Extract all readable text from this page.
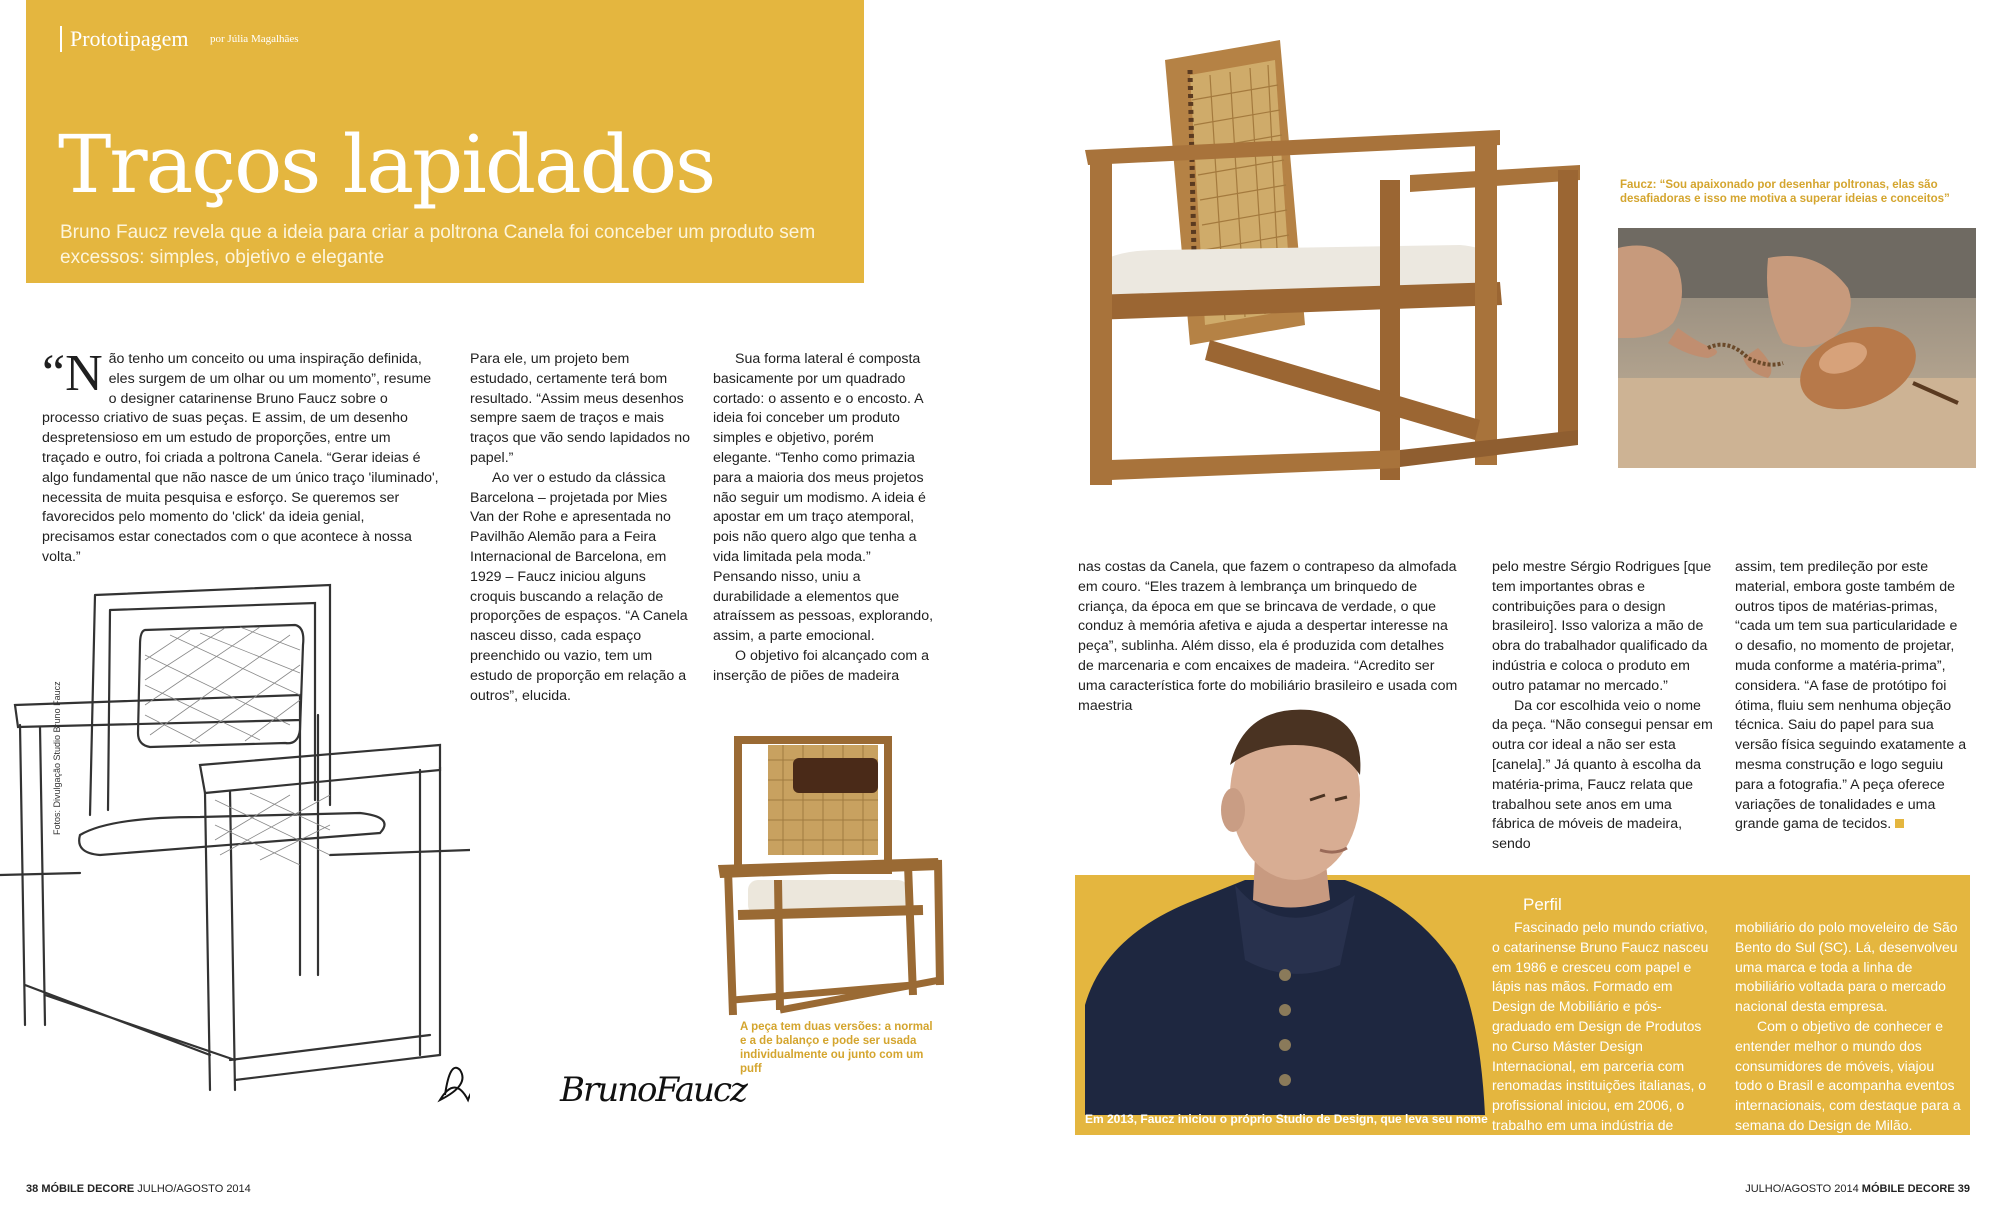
Prototipagem por Júlia Magalhães
Traços lapidados
Bruno Faucz revela que a ideia para criar a poltrona Canela foi conceber um produto sem excessos: simples, objetivo e elegante
“N ão tenho um conceito ou uma inspiração definida, eles surgem de um olhar ou um momento”, resume o designer catarinense Bruno Faucz sobre o processo criativo de suas peças. E assim, de um desenho despretensioso em um estudo de proporções, entre um traçado e outro, foi criada a poltrona Canela. “Gerar ideias é algo fundamental que não nasce de um único traço 'iluminado', necessita de muita pesquisa e esforço. Se queremos ser favorecidos pelo momento do 'click' da ideia genial, precisamos estar conectados com o que acontece à nossa volta.”

Para ele, um projeto bem estudado, certamente terá bom resultado. “Assim meus desenhos sempre saem de traços e mais traços que vão sendo lapidados no papel.”

Ao ver o estudo da clássica Barcelona – projetada por Mies Van der Rohe e apresentada no Pavilhão Alemão para a Feira Internacional de Barcelona, em 1929 – Faucz iniciou alguns croquis buscando a relação de proporções de espaços. “A Canela nasceu disso, cada espaço preenchido ou vazio, tem um estudo de proporção em relação a outros”, elucida.

Sua forma lateral é composta basicamente por um quadrado cortado: o assento e o encosto. A ideia foi conceber um produto simples e objetivo, porém elegante. “Tenho como primazia para a maioria dos meus projetos não seguir um modismo. A ideia é apostar em um traço atemporal, pois não quero algo que tenha a vida limitada pela moda.” Pensando nisso, uniu a durabilidade a elementos que atraíssem as pessoas, explorando, assim, a parte emocional.

O objetivo foi alcançado com a inserção de piões de madeira

Fotos: Divulgação Studio Bruno Faucz
BrunoFaucz
A peça tem duas versões: a normal e a de balanço e pode ser usada individualmente ou junto com um puff
Faucz: “Sou apaixonado por desenhar poltronas, elas são desafiadoras e isso me motiva a superar ideias e conceitos”

nas costas da Canela, que fazem o contrapeso da almofada em couro. “Eles trazem à lembrança um brinquedo de criança, da época em que se brincava de verdade, o que conduz à memória afetiva e ajuda a despertar interesse na peça”, sublinha. Além disso, ela é produzida com detalhes de marcenaria e com encaixes de madeira. “Acredito ser uma característica forte do mobiliário brasileiro e usada com maestria

pelo mestre Sérgio Rodrigues [que tem importantes obras e contribuições para o design brasileiro]. Isso valoriza a mão de obra do trabalhador qualificado da indústria e coloca o produto em outro patamar no mercado.”

Da cor escolhida veio o nome da peça. “Não consegui pensar em outra cor ideal a não ser esta [canela].” Já quanto à escolha da matéria-prima, Faucz relata que trabalhou sete anos em uma fábrica de móveis de madeira, sendo

assim, tem predileção por este material, embora goste também de outros tipos de matérias-primas, “cada um tem sua particularidade e o desafio, no momento de projetar, muda conforme a matéria-prima”, considera. “A fase de protótipo foi ótima, fluiu sem nenhuma objeção técnica. Saiu do papel para sua versão física seguindo exatamente a mesma construção e logo seguiu para a fotografia.” A peça oferece variações de tonalidades e uma grande gama de tecidos.

Em 2013, Faucz iniciou o próprio Studio de Design, que leva seu nome
Perfil

Fascinado pelo mundo criativo, o catarinense Bruno Faucz nasceu em 1986 e cresceu com papel e lápis nas mãos. Formado em Design de Mobiliário e pós-graduado em Design de Produtos no Curso Máster Design Internacional, em parceria com renomadas instituições italianas, o profissional iniciou, em 2006, o trabalho em uma indústria de

mobiliário do polo moveleiro de São Bento do Sul (SC). Lá, desenvolveu uma marca e toda a linha de mobiliário voltada para o mercado nacional desta empresa.

Com o objetivo de conhecer e entender melhor o mundo dos consumidores de móveis, viajou todo o Brasil e acompanha eventos internacionais, com destaque para a semana do Design de Milão.

38 MÓBILE DECORE JULHO/AGOSTO 2014	JULHO/AGOSTO 2014 MÓBILE DECORE 39
